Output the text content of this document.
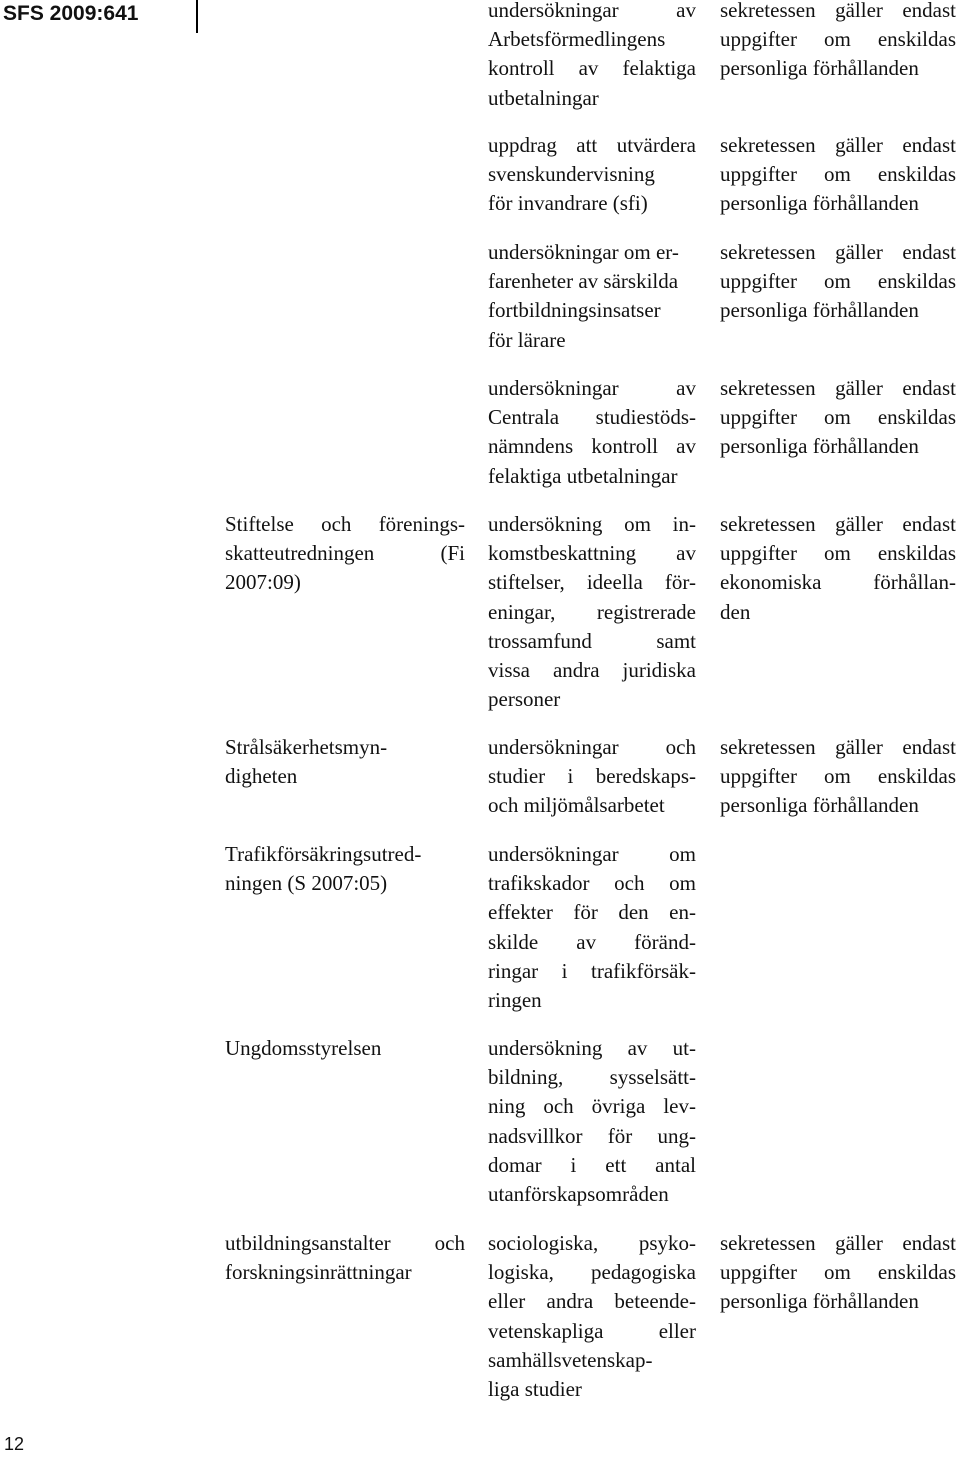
SFS 2009:641
12
undersökningar av
Arbetsförmedlingens
kontroll av felaktiga
utbetalningar
sekretessen gäller endast
uppgifter om enskildas
personliga förhållanden
uppdrag att utvärdera
svenskundervisning
för invandrare (sfi)
sekretessen gäller endast
uppgifter om enskildas
personliga förhållanden
undersökningar om er-
farenheter av särskilda
fortbildningsinsatser
för lärare
sekretessen gäller endast
uppgifter om enskildas
personliga förhållanden
undersökningar av
Centrala studiestöds-
nämndens kontroll av
felaktiga utbetalningar
sekretessen gäller endast
uppgifter om enskildas
personliga förhållanden
Stiftelse och förenings-
skatteutredningen (Fi
2007:09)
undersökning om in-
komstbeskattning av
stiftelser, ideella för-
eningar, registrerade
trossamfund samt
vissa andra juridiska
personer
sekretessen gäller endast
uppgifter om enskildas
ekonomiska förhållan-
den
Strålsäkerhetsmyn-
digheten
undersökningar och
studier i beredskaps-
och miljömålsarbetet
sekretessen gäller endast
uppgifter om enskildas
personliga förhållanden
Trafikförsäkringsutred-
ningen (S 2007:05)
undersökningar om
trafikskador och om
effekter för den en-
skilde av föränd-
ringar i trafikförsäk-
ringen
Ungdomsstyrelsen	undersökning av ut-
bildning, sysselsätt-
ning och övriga lev-
nadsvillkor för ung-
domar i ett antal
utanförskapsområden
utbildningsanstalter och
forskningsinrättningar
sociologiska, psyko-
logiska, pedagogiska
eller andra beteende-
vetenskapliga eller
samhällsvetenskap-
liga studier
sekretessen gäller endast
uppgifter om enskildas
personliga förhållanden
